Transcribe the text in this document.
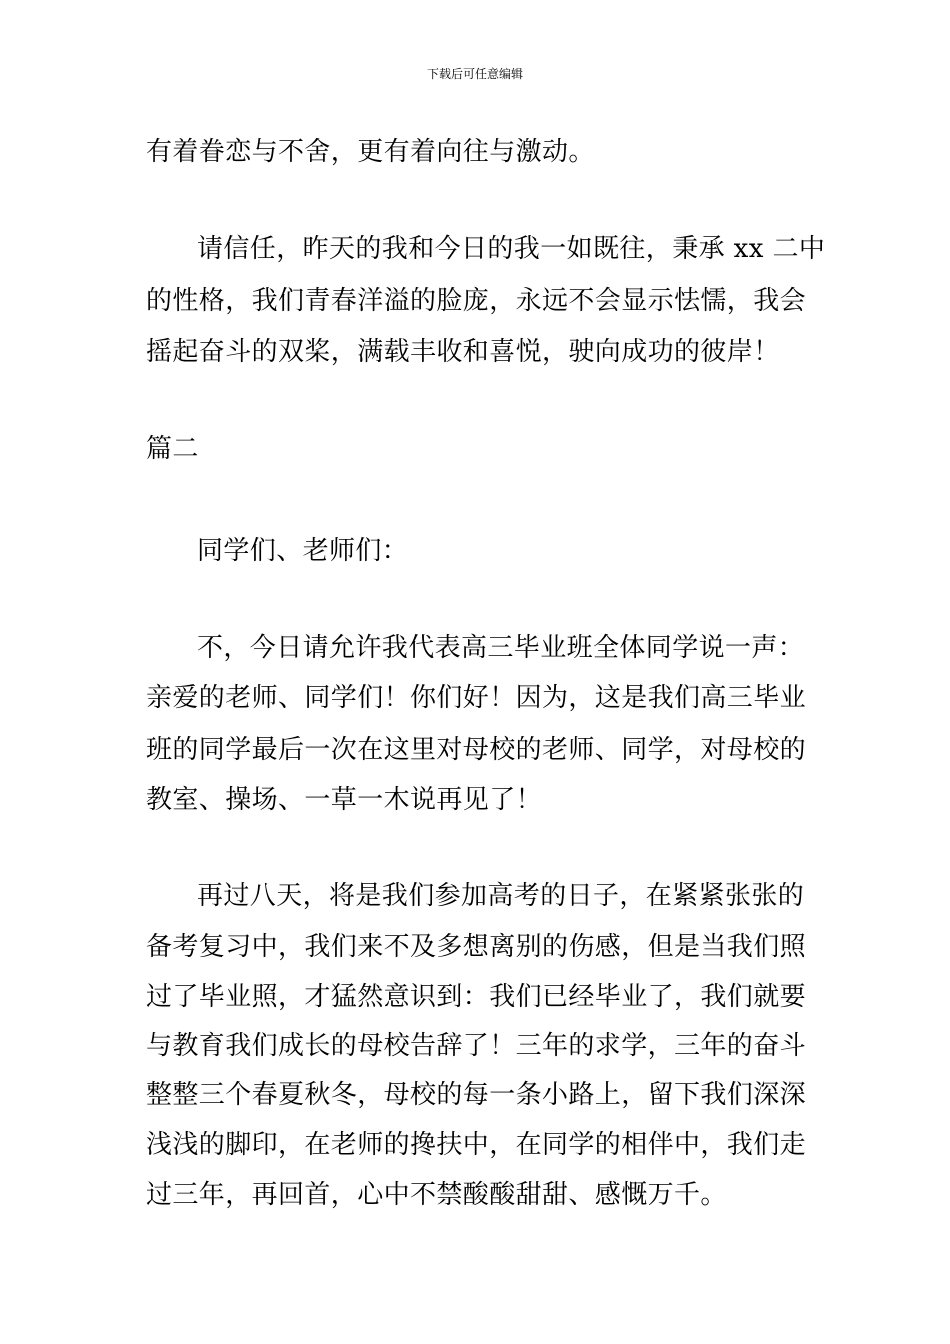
下载后可任意编辑
有着眷恋与不舍，更有着向往与激动。
请信任，昨天的我和今日的我一如既往，秉承 xx 二中
的性格，我们青春洋溢的脸庞，永远不会显示怯懦，我会
摇起奋斗的双桨，满载丰收和喜悦，驶向成功的彼岸！
篇二
同学们、老师们：
不，今日请允许我代表高三毕业班全体同学说一声：
亲爱的老师、同学们！你们好！因为，这是我们高三毕业
班的同学最后一次在这里对母校的老师、同学，对母校的
教室、操场、一草一木说再见了！
再过八天，将是我们参加高考的日子，在紧紧张张的
备考复习中，我们来不及多想离别的伤感，但是当我们照
过了毕业照，才猛然意识到：我们已经毕业了，我们就要
与教育我们成长的母校告辞了！三年的求学，三年的奋斗
整整三个春夏秋冬，母校的每一条小路上，留下我们深深
浅浅的脚印，在老师的搀扶中，在同学的相伴中，我们走
过三年，再回首，心中不禁酸酸甜甜、感慨万千。
